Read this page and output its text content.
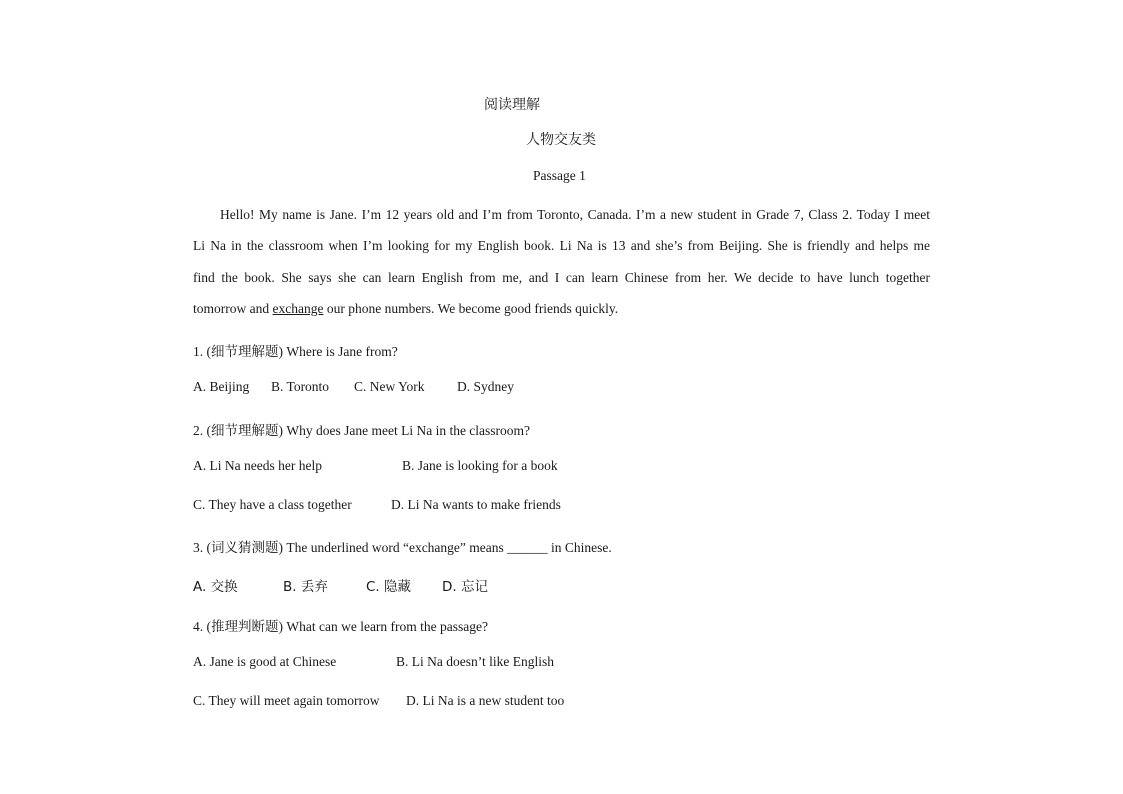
阅读理解
人物交友类
Passage 1
Hello! My name is Jane. I’m 12 years old and I’m from Toronto, Canada. I’m a new student in Grade 7, Class 2. Today I meet
Li Na in the classroom when I’m looking for my English book. Li Na is 13 and she’s from Beijing. She is friendly and helps me
find the book. She says she can learn English from me, and I can learn Chinese from her. We decide to have lunch together
tomorrow and exchange our phone numbers. We become good friends quickly.
1. (细节理解题) Where is Jane from?
A. Beijing B. Toronto C. New York D. Sydney
2. (细节理解题) Why does Jane meet Li Na in the classroom?
A. Li Na needs her help	B. Jane is looking for a book
C. They have a class together	D. Li Na wants to make friends
3. (词义猜测题) The underlined word “exchange” means ______ in Chinese.
A. 交换	B. 丢弃	C. 隐藏 D. 忘记
4. (推理判断题) What can we learn from the passage?
A. Jane is good at Chinese	B. Li Na doesn’t like English
C. They will meet again tomorrow D. Li Na is a new student too
